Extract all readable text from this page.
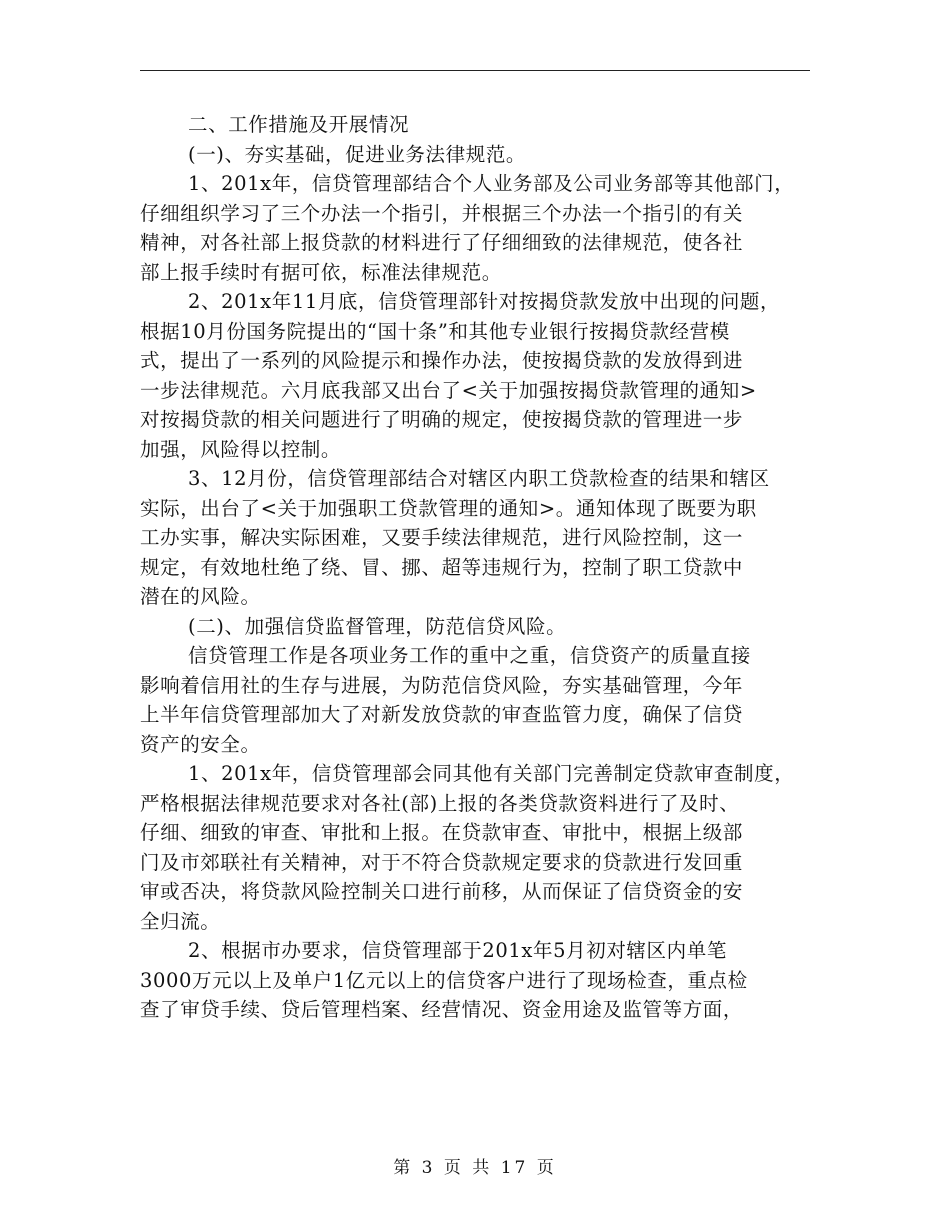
二、工作措施及开展情况
(一)、夯实基础，促进业务法律规范。
1、201x年，信贷管理部结合个人业务部及公司业务部等其他部门，
仔细组织学习了三个办法一个指引，并根据三个办法一个指引的有关
精神，对各社部上报贷款的材料进行了仔细细致的法律规范，使各社
部上报手续时有据可依，标准法律规范。
2、201x年11月底，信贷管理部针对按揭贷款发放中出现的问题，
根据10月份国务院提出的“国十条”和其他专业银行按揭贷款经营模
式，提出了一系列的风险提示和操作办法，使按揭贷款的发放得到进
一步法律规范。六月底我部又出台了<关于加强按揭贷款管理的通知>
对按揭贷款的相关问题进行了明确的规定，使按揭贷款的管理进一步
加强，风险得以控制。
3、12月份，信贷管理部结合对辖区内职工贷款检查的结果和辖区
实际，出台了<关于加强职工贷款管理的通知>。通知体现了既要为职
工办实事，解决实际困难，又要手续法律规范，进行风险控制，这一
规定，有效地杜绝了绕、冒、挪、超等违规行为，控制了职工贷款中
潜在的风险。
(二)、加强信贷监督管理，防范信贷风险。
信贷管理工作是各项业务工作的重中之重，信贷资产的质量直接
影响着信用社的生存与进展，为防范信贷风险，夯实基础管理，今年
上半年信贷管理部加大了对新发放贷款的审查监管力度，确保了信贷
资产的安全。
1、201x年，信贷管理部会同其他有关部门完善制定贷款审查制度，
严格根据法律规范要求对各社(部)上报的各类贷款资料进行了及时、
仔细、细致的审查、审批和上报。在贷款审查、审批中，根据上级部
门及市郊联社有关精神，对于不符合贷款规定要求的贷款进行发回重
审或否决，将贷款风险控制关口进行前移，从而保证了信贷资金的安
全归流。
2、根据市办要求，信贷管理部于201x年5月初对辖区内单笔
3000万元以上及单户1亿元以上的信贷客户进行了现场检查，重点检
查了审贷手续、贷后管理档案、经营情况、资金用途及监管等方面，
第 3 页 共 17 页
